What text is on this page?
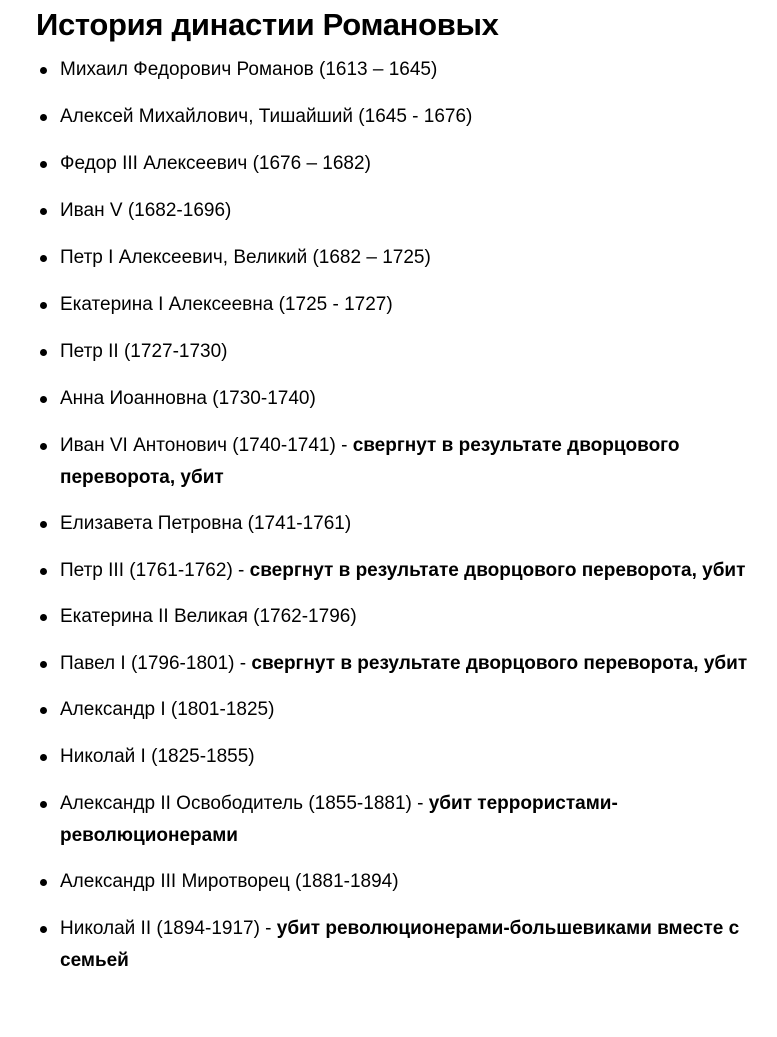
История династии Романовых
Михаил Федорович Романов (1613 – 1645)
Алексей Михайлович, Тишайший (1645 - 1676)
Федор III Алексеевич (1676 – 1682)
Иван V (1682-1696)
Петр I Алексеевич, Великий (1682 – 1725)
Екатерина I Алексеевна (1725 - 1727)
Петр II (1727-1730)
Анна Иоанновна (1730-1740)
Иван VI Антонович (1740-1741) - свергнут в результате дворцового переворота, убит
Елизавета Петровна (1741-1761)
Петр III (1761-1762) - свергнут в результате дворцового переворота, убит
Екатерина II Великая (1762-1796)
Павел I (1796-1801) - свергнут в результате дворцового переворота, убит
Александр I (1801-1825)
Николай I (1825-1855)
Александр II Освободитель (1855-1881) - убит террористами-революционерами
Александр III Миротворец (1881-1894)
Николай II (1894-1917) - убит революционерами-большевиками вместе с семьей
